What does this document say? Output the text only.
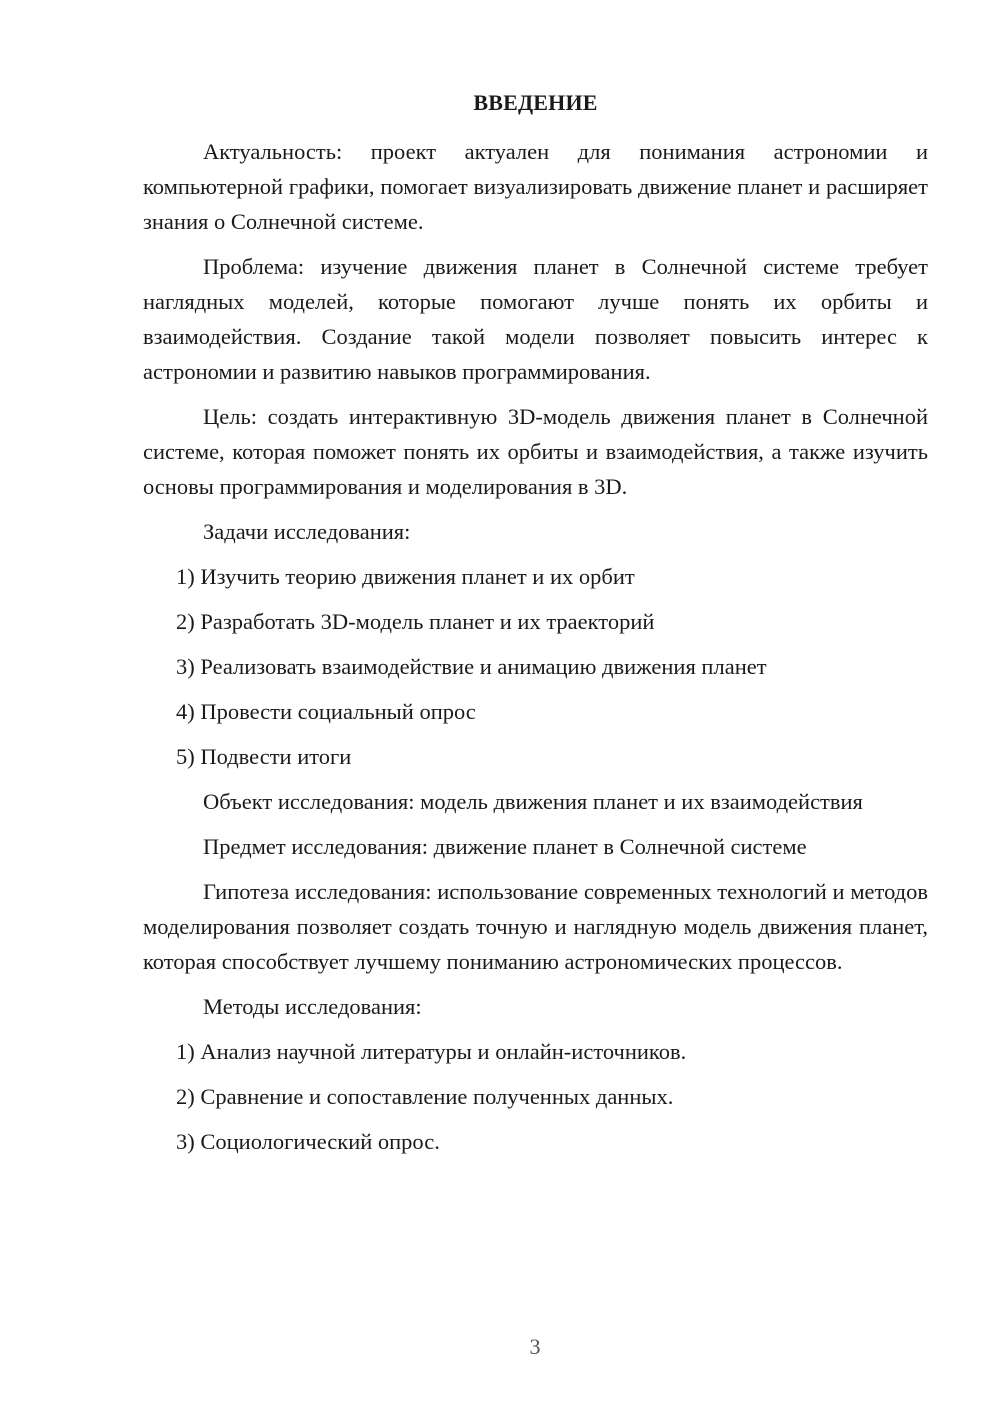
ВВЕДЕНИЕ

Актуальность: проект актуален для понимания астрономии и компьютерной графики, помогает визуализировать движение планет и расширяет знания о Солнечной системе.

Проблема: изучение движения планет в Солнечной системе требует наглядных моделей, которые помогают лучше понять их орбиты и взаимодействия. Создание такой модели позволяет повысить интерес к астрономии и развитию навыков программирования.

Цель: создать интерактивную 3D-модель движения планет в Солнечной системе, которая поможет понять их орбиты и взаимодействия, а также изучить основы программирования и моделирования в 3D.

Задачи исследования:
1) Изучить теорию движения планет и их орбит
2) Разработать 3D-модель планет и их траекторий
3) Реализовать взаимодействие и анимацию движения планет
4) Провести социальный опрос
5) Подвести итоги
Объект исследования: модель движения планет и их взаимодействия
Предмет исследования: движение планет в Солнечной системе

Гипотеза исследования: использование современных технологий и методов моделирования позволяет создать точную и наглядную модель движения планет, которая способствует лучшему пониманию астрономических процессов.

Методы исследования:
1) Анализ научной литературы и онлайн-источников.
2) Сравнение и сопоставление полученных данных.
3) Социологический опрос.
3
